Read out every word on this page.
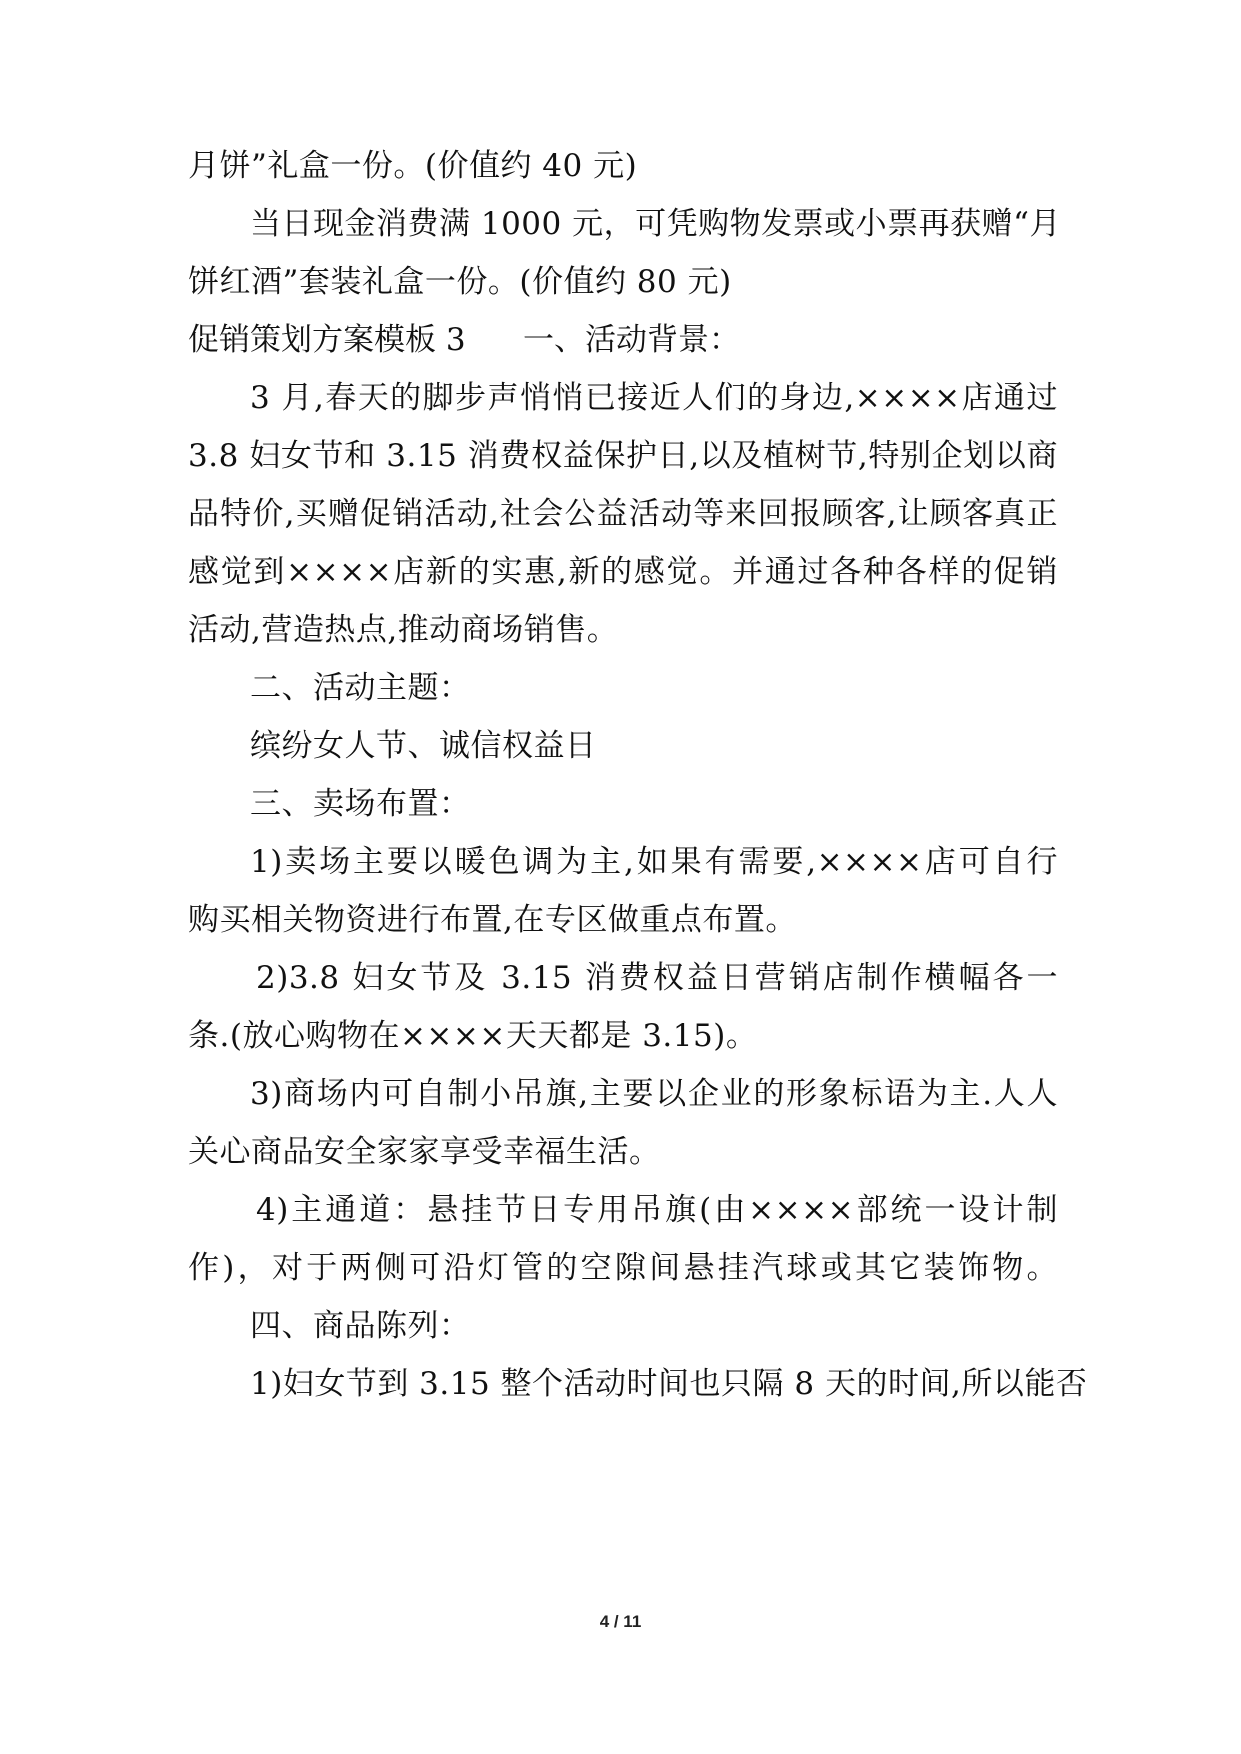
月饼”礼盒一份。(价值约 40 元)
当日现金消费满 1000 元，可凭购物发票或小票再获赠“月
饼红酒”套装礼盒一份。(价值约 80 元)
促销策划方案模板 3 一、活动背景：
3 月,春天的脚步声悄悄已接近人们的身边,××××店通过
3.8 妇女节和 3.15 消费权益保护日,以及植树节,特别企划以商
品特价,买赠促销活动,社会公益活动等来回报顾客,让顾客真正
感觉到××××店新的实惠,新的感觉。并通过各种各样的促销
活动,营造热点,推动商场销售。
二、活动主题：
缤纷女人节、诚信权益日
三、卖场布置：
1)卖场主要以暖色调为主,如果有需要,××××店可自行
购买相关物资进行布置,在专区做重点布置。
2)3.8 妇女节及 3.15 消费权益日营销店制作横幅各一
条.(放心购物在××××天天都是 3.15)。
3)商场内可自制小吊旗,主要以企业的形象标语为主.人人
关心商品安全家家享受幸福生活。
4)主通道：悬挂节日专用吊旗(由××××部统一设计制
作)，对于两侧可沿灯管的空隙间悬挂汽球或其它装饰物。
四、商品陈列：
1)妇女节到 3.15 整个活动时间也只隔 8 天的时间,所以能否
4 / 11
